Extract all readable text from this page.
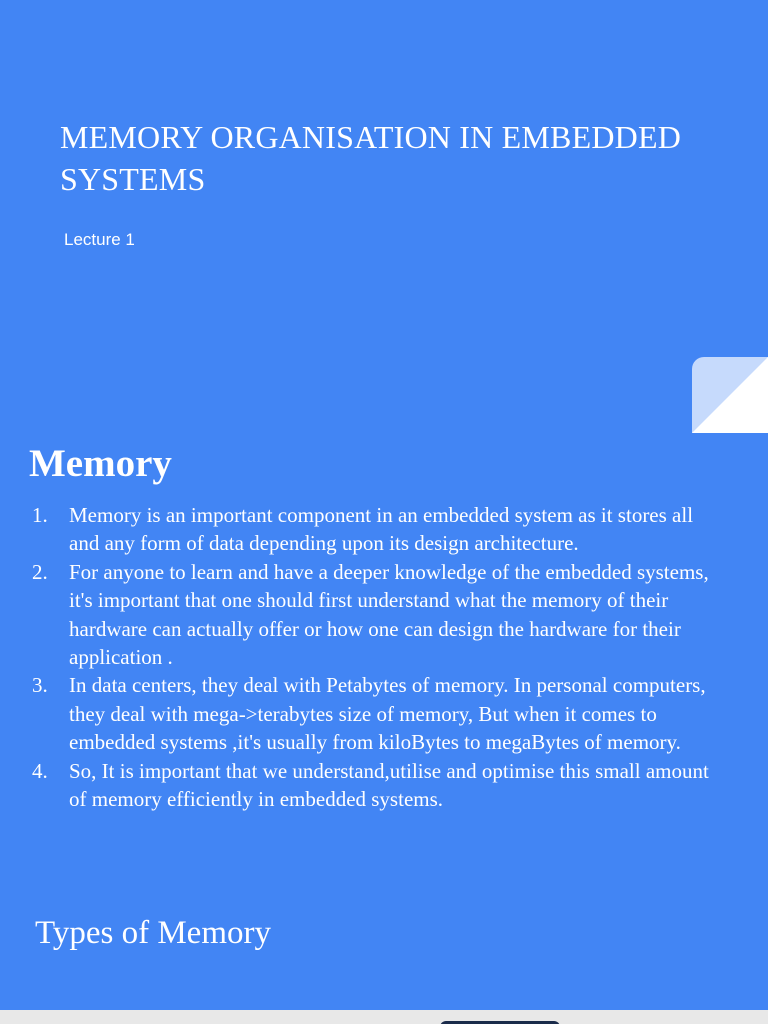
MEMORY ORGANISATION IN EMBEDDED SYSTEMS

Lecture 1

Memory
1. Memory is an important component in an embedded system as it stores all and any form of data depending upon its design architecture.
2. For anyone to learn and have a deeper knowledge of the embedded systems, it's important that one should first understand what the memory of their hardware can actually offer or how one can design the hardware for their application .
3. In data centers, they deal with Petabytes of memory. In personal computers, they deal with mega->terabytes size of memory, But when it comes to embedded systems ,it's usually from kiloBytes to megaBytes of memory.
4. So, It is important that we understand,utilise and optimise this small amount of memory efficiently in embedded systems.
Types of Memory
